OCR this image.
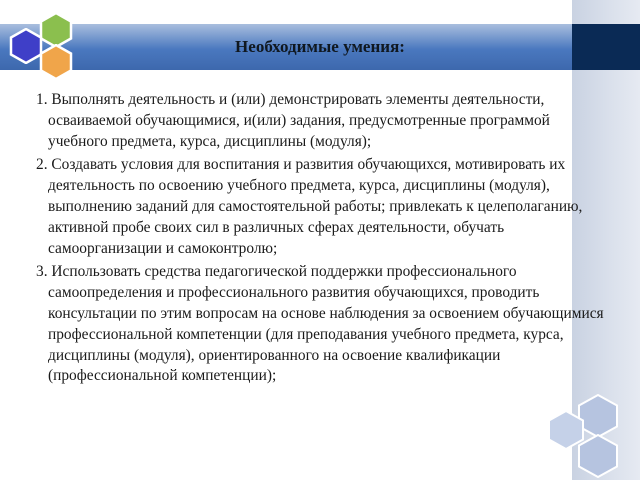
Необходимые умения:

1. Выполнять деятельность и (или) демонстрировать элементы деятельности, осваиваемой обучающимися, и(или) задания, предусмотренные программой учебного предмета, курса, дисциплины (модуля);

2. Создавать условия для воспитания и развития обучающихся, мотивировать их деятельность по освоению учебного предмета, курса, дисциплины (модуля), выполнению заданий для самостоятельной работы; привлекать к целеполаганию, активной пробе своих сил в различных сферах деятельности, обучать самоорганизации и самоконтролю;

3. Использовать средства педагогической поддержки профессионального самоопределения и профессионального развития обучающихся, проводить консультации по этим вопросам на основе наблюдения за освоением обучающимися профессиональной компетенции (для преподавания учебного предмета, курса, дисциплины (модуля), ориентированного на освоение квалификации (профессиональной компетенции);
